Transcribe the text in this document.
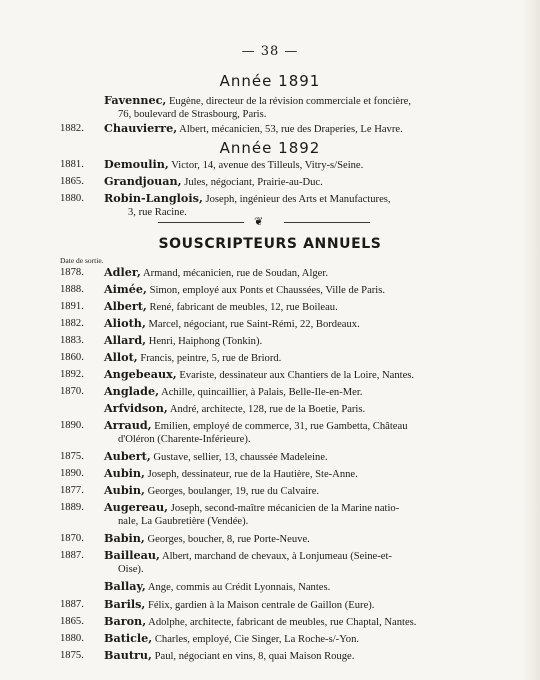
— 38 —
Année 1891
Favennec, Eugène, directeur de la révision commerciale et foncière,
76, boulevard de Strasbourg, Paris.
1882.	Chauvierre, Albert, mécanicien, 53, rue des Draperies, Le Havre.
Année 1892
1881.	Demoulin, Victor, 14, avenue des Tilleuls, Vitry-s/Seine.
1865.	Grandjouan, Jules, négociant, Prairie-au-Duc.
1880.	Robin-Langlois, Joseph, ingénieur des Arts et Manufactures,
3, rue Racine.
❦
SOUSCRIPTEURS ANNUELS
Date de sortie.
1878.	Adler, Armand, mécanicien, rue de Soudan, Alger.
1888.	Aimée, Simon, employé aux Ponts et Chaussées, Ville de Paris.
1891.	Albert, René, fabricant de meubles, 12, rue Boileau.
1882.	Alioth, Marcel, négociant, rue Saint-Rémi, 22, Bordeaux.
1883.	Allard, Henri, Haiphong (Tonkin).
1860.	Allot, Francis, peintre, 5, rue de Briord.
1892.	Angebeaux, Evariste, dessinateur aux Chantiers de la Loire, Nantes.
1870.	Anglade, Achille, quincaillier, à Palais, Belle-Ile-en-Mer.
Arfvidson, André, architecte, 128, rue de la Boetie, Paris.
1890.	Arraud, Emilien, employé de commerce, 31, rue Gambetta, Château
d'Oléron (Charente-Inférieure).
1875.	Aubert, Gustave, sellier, 13, chaussée Madeleine.
1890.	Aubin, Joseph, dessinateur, rue de la Hautière, Ste-Anne.
1877.	Aubin, Georges, boulanger, 19, rue du Calvaire.
1889.	Augereau, Joseph, second-maître mécanicien de la Marine natio-
nale, La Gaubretière (Vendée).
1870.	Babin, Georges, boucher, 8, rue Porte-Neuve.
1887.	Bailleau, Albert, marchand de chevaux, à Lonjumeau (Seine-et-
Oise).
Ballay, Ange, commis au Crédit Lyonnais, Nantes.
1887.	Barils, Félix, gardien à la Maison centrale de Gaillon (Eure).
1865.	Baron, Adolphe, architecte, fabricant de meubles, rue Chaptal, Nantes.
1880.	Baticle, Charles, employé, Cie Singer, La Roche-s/-Yon.
1875.	Bautru, Paul, négociant en vins, 8, quai Maison Rouge.
